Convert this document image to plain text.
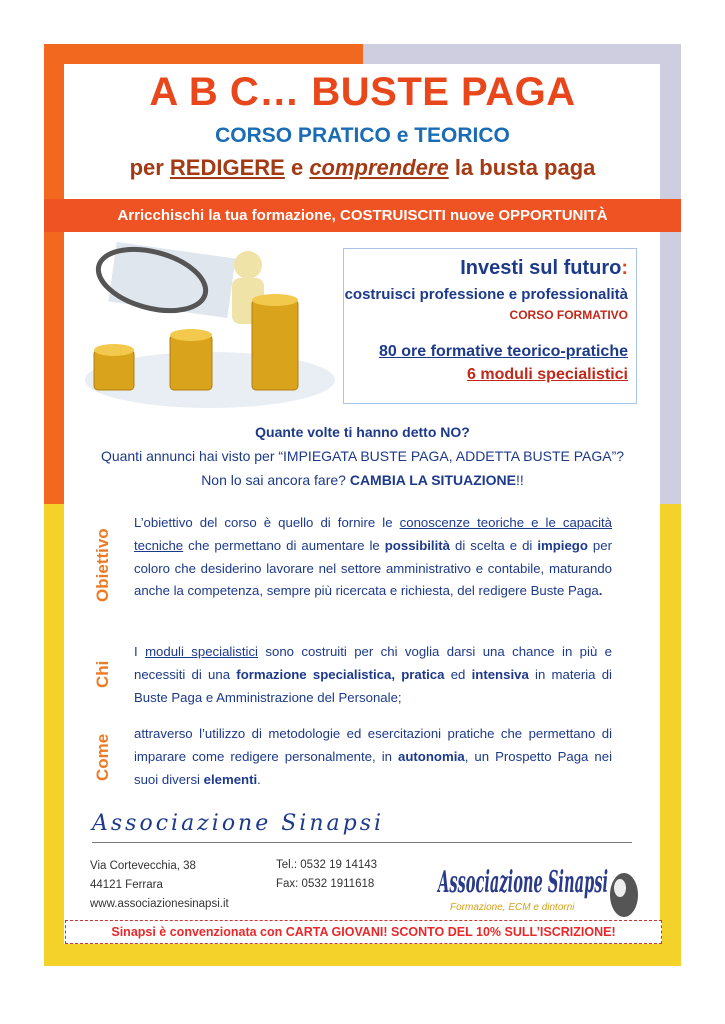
A B C… BUSTE PAGA
CORSO PRATICO e TEORICO
per REDIGERE e comprendere la busta paga
Arricchischi la tua formazione, COSTRUISCITI nuove OPPORTUNITÀ
Investi sul futuro:
costruisci professione e professionalità
CORSO FORMATIVO
80 ore formative teorico-pratiche
6 moduli specialistici
Quante volte ti hanno detto NO?
Quanti annunci hai visto per “IMPIEGATA BUSTE PAGA, ADDETTA BUSTE PAGA”?
Non lo sai ancora fare? CAMBIA LA SITUAZIONE!!
Obiettivo
Chi
Come
L’obiettivo del corso è quello di fornire le conoscenze teoriche e le capacità tecniche che permettano di aumentare le possibilità di scelta e di impiego per coloro che desiderino lavorare nel settore amministrativo e contabile, maturando anche la competenza, sempre più ricercata e richiesta, del redigere Buste Paga.
I moduli specialistici sono costruiti per chi voglia darsi una chance in più e necessiti di una formazione specialistica, pratica ed intensiva in materia di Buste Paga e Amministrazione del Personale;
attraverso l’utilizzo di metodologie ed esercitazioni pratiche che permettano di imparare come redigere personalmente, in autonomia, un Prospetto Paga nei suoi diversi elementi.
Associazione Sinapsi
Via Cortevecchia, 38
44121 Ferrara
www.associazionesinapsi.it
Tel.: 0532 19 14143
Fax: 0532 1911618 Associazione Sinapsi
Formazione, ECM e dintorni
Sinapsi è convenzionata con CARTA GIOVANI! SCONTO DEL 10% SULL’ISCRIZIONE!
